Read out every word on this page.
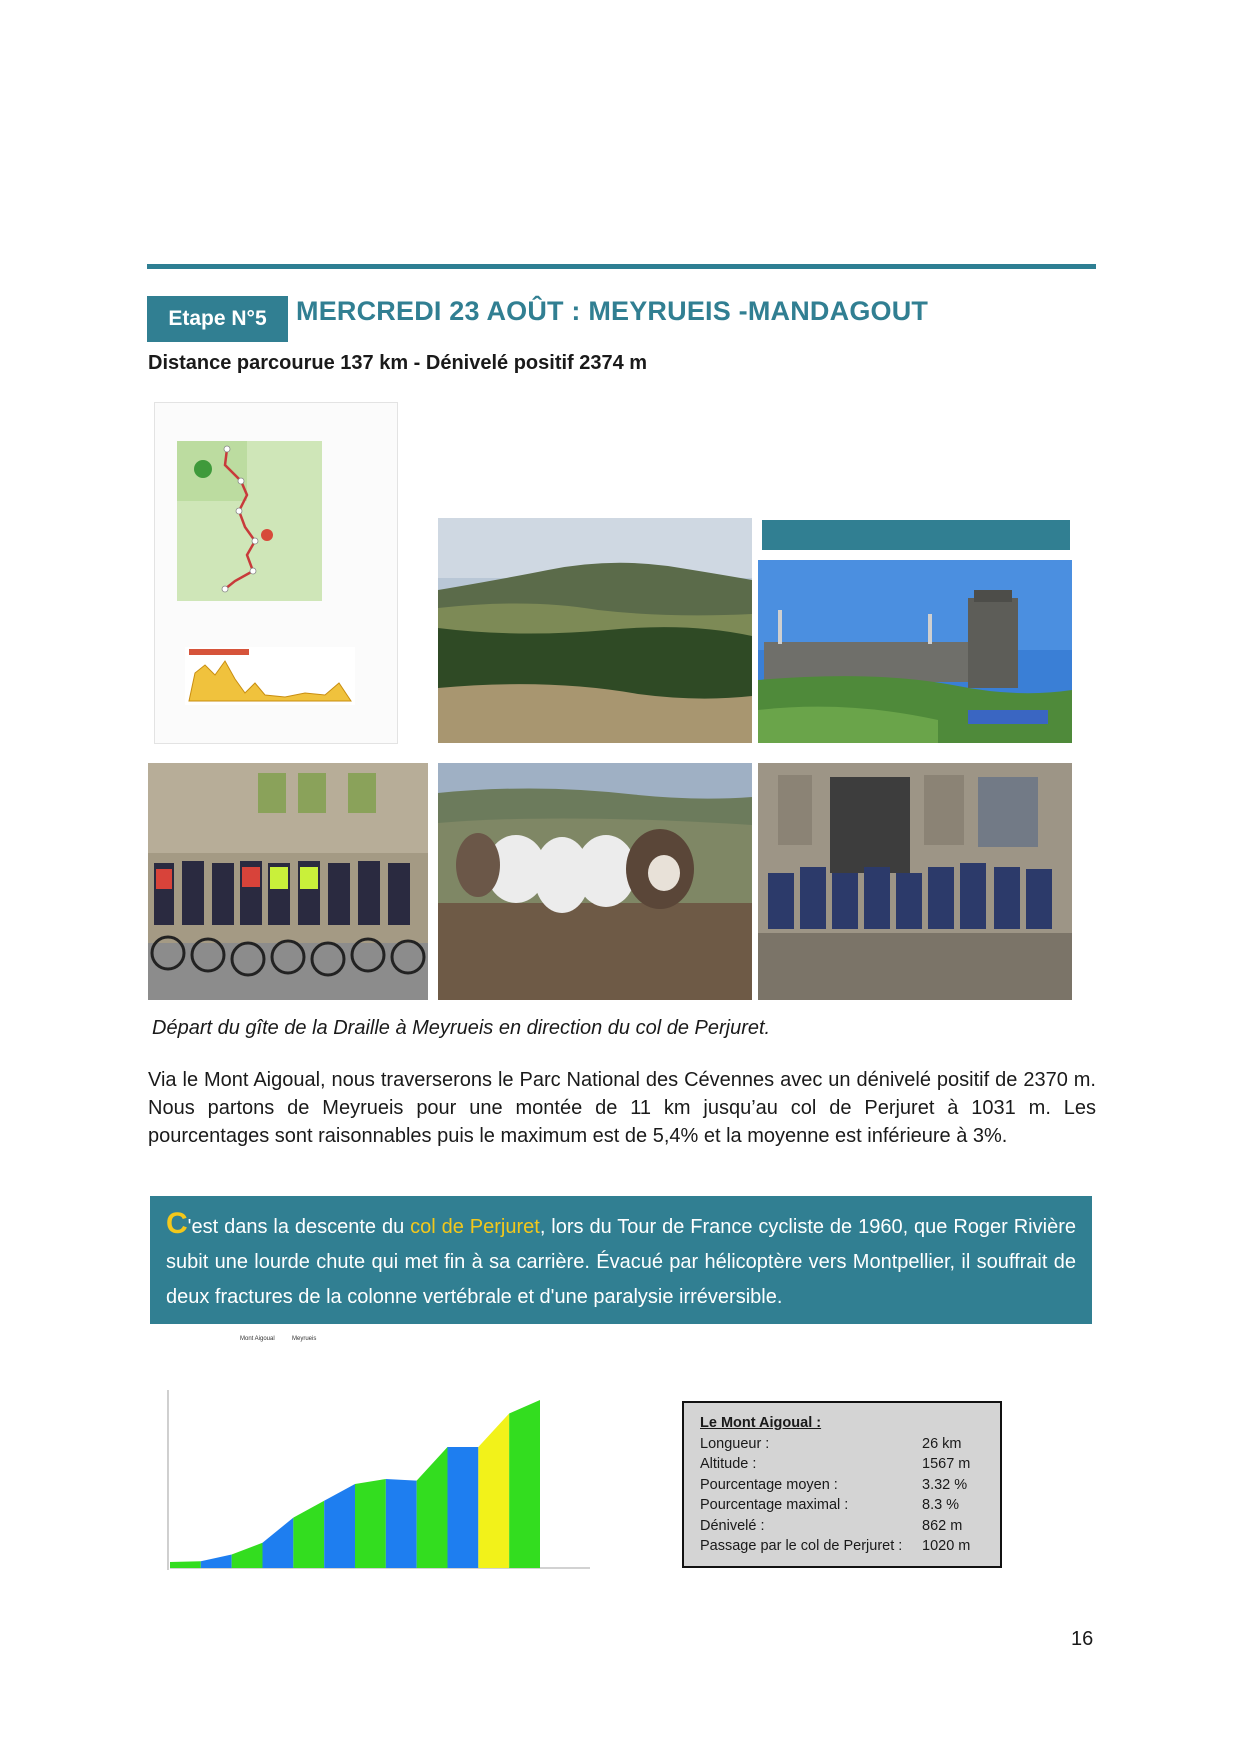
Etape N°5 MERCREDI 23 AOÛT : MEYRUEIS -MANDAGOUT
Distance parcourue 137 km - Dénivelé positif 2374 m
Départ du gîte de la Draille à Meyrueis en direction du col de Perjuret.
Via le Mont Aigoual, nous traverserons le Parc National des Cévennes avec un dénivelé positif de 2370 m. Nous partons de Meyrueis pour une montée de 11 km jusqu’au col de Perjuret à 1031 m. Les pourcentages sont raisonnables puis le maximum est de 5,4% et la moyenne est inférieure à 3%.
C'est dans la descente du col de Perjuret, lors du Tour de France cycliste de 1960, que Roger Rivière subit une lourde chute qui met fin à sa carrière. Évacué par hélicoptère vers Montpellier, il souffrait de deux fractures de la colonne vertébrale et d'une paralysie irréversible.
Mont Aigoual	Meyrueis
Le Mont Aigoual :
Longueur :	26 km
Altitude :	1567 m
Pourcentage moyen :	3.32 %
Pourcentage maximal :	8.3 %
Dénivelé :	862 m
Passage par le col de Perjuret :	1020 m
16
